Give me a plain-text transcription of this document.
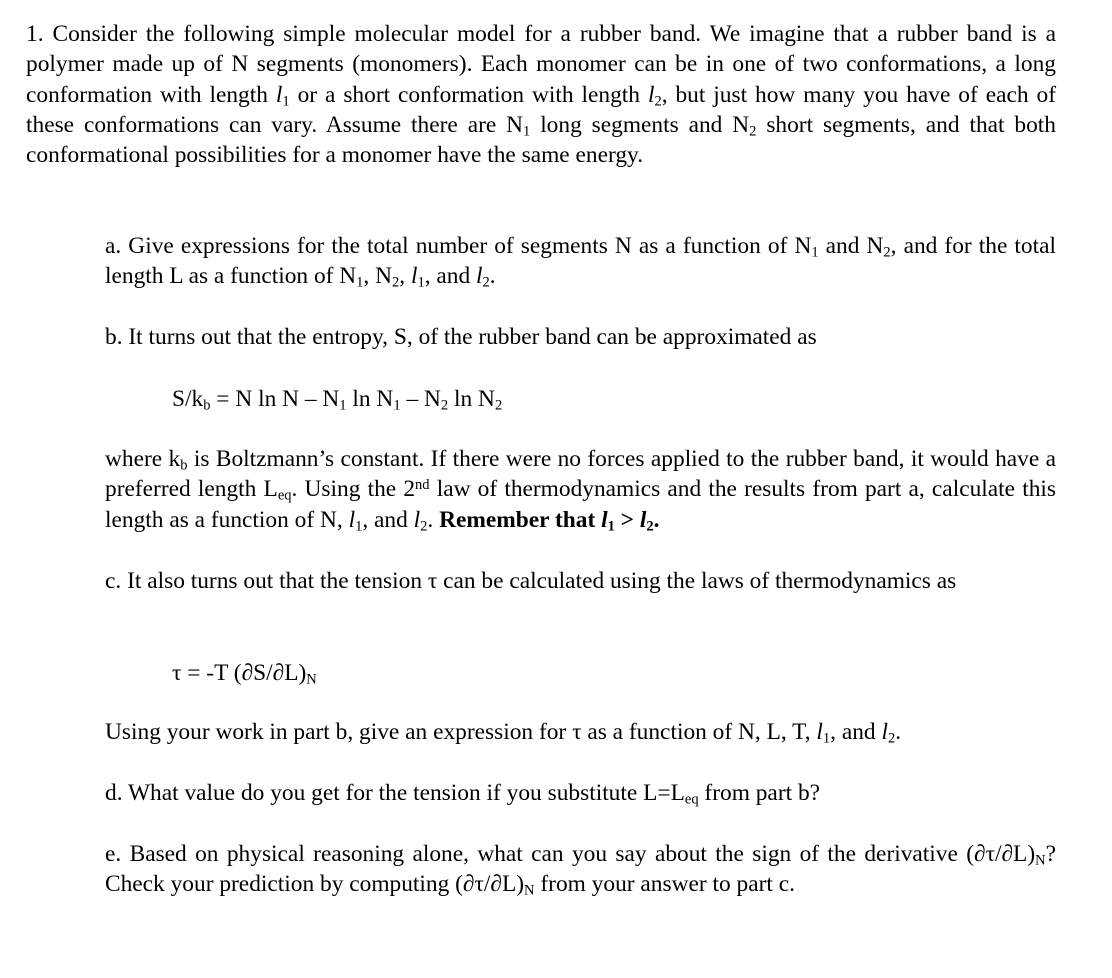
1. Consider the following simple molecular model for a rubber band. We imagine that a rubber band is a polymer made up of N segments (monomers). Each monomer can be in one of two conformations, a long conformation with length $l_1$ or a short conformation with length $l_2$, but just how many you have of each of these conformations can vary. Assume there are $N_1$ long segments and $N_2$ short segments, and that both conformational possibilities for a monomer have the same energy.
a. Give expressions for the total number of segments N as a function of $N_1$ and $N_2$, and for the total length L as a function of $N_1$, $N_2$, $l_1$, and $l_2$.
b. It turns out that the entropy, S, of the rubber band can be approximated as
$S/k_b = N$ ln N – $N_1$ $\ln N_1 - N_2$ $\ln N_2$
where $k_b$ is Boltzmann’s constant. If there were no forces applied to the rubber band, it would have a preferred length $L_{eq}$. Using the 2nd law of thermodynamics and the results from part a, calculate this length as a function of N, $l_1$, and $l_2$. Remember that $l_1 > l_2$.
c. It also turns out that the tension τ can be calculated using the laws of thermodynamics as
τ = -T $(\partial S/\partial L)_N$
Using your work in part b, give an expression for τ as a function of N, L, T, $l_1$, and $l_2$.
d. What value do you get for the tension if you substitute $L=L_{eq}$ from part b?
e. Based on physical reasoning alone, what can you say about the sign of the derivative $(\partial\tau/\partial L)_N$? Check your prediction by computing $(\partial\tau/\partial L)_N$ from your answer to part c.
